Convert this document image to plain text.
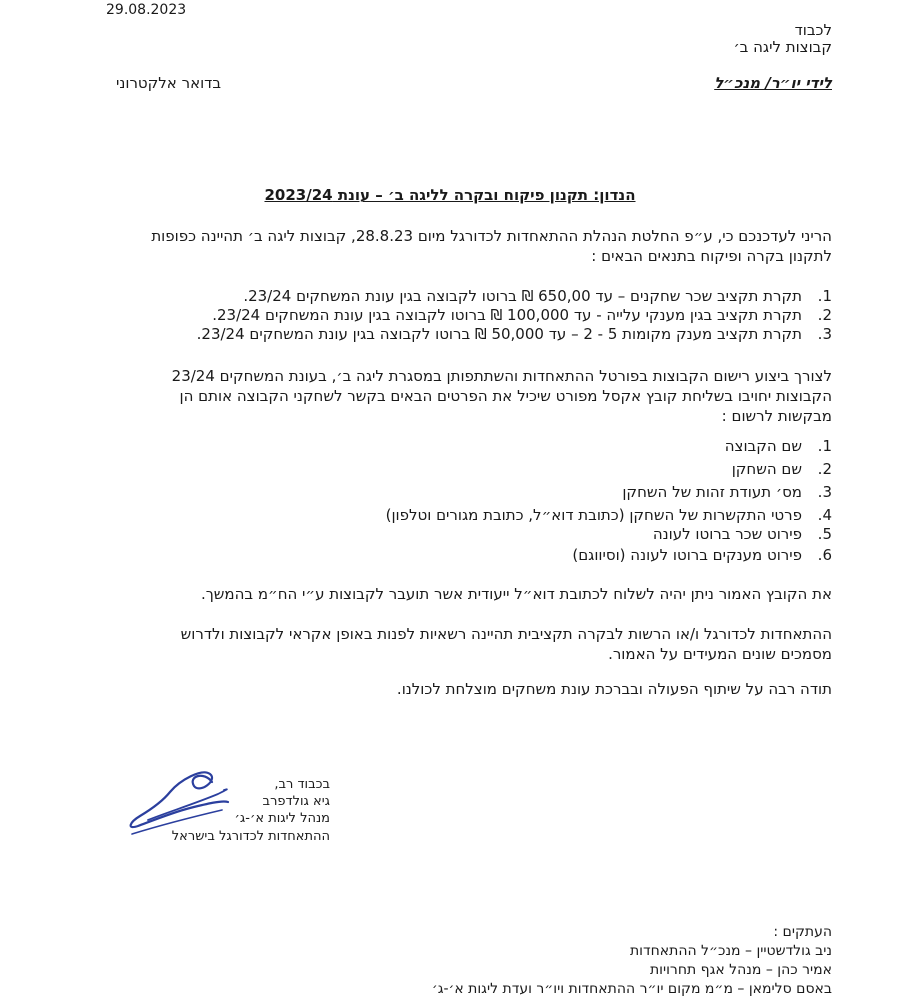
29.08.2023
לכבוד
קבוצות ליגה ב׳
לידי יו״ר/ מנכ״ל
בדואר אלקטרוני
הנדון: תקנון פיקוח ובקרה לליגה ב׳ – עונת 2023/24
הריני לעדכנכם כי, ע״פ החלטת הנהלת ההתאחדות לכדורגל מיום 28.8.23, קבוצות ליגה ב׳ תהיינה כפופות
לתקנון בקרה ופיקוח בתנאים הבאים :
1.
תקרת תקציב שכר שחקנים – עד 650,00 ₪ ברוטו לקבוצה בגין עונת המשחקים 23/24.
2.
תקרת תקציב בגין מענקי עלייה - עד 100,000 ₪ ברוטו לקבוצה בגין עונת המשחקים 23/24.
3.
תקרת תקציב מענק מקומות 5 - 2 – עד 50,000 ₪ ברוטו לקבוצה בגין עונת המשחקים 23/24.
לצורך ביצוע רישום הקבוצות בפורטל ההתאחדות והשתתפותן במסגרת ליגה ב׳, בעונת המשחקים 23/24
הקבוצות יחויבו בשליחת קובץ אקסל מפורט שיכיל את הפרטים הבאים בקשר לשחקני הקבוצה אותם הן
מבקשות לרשום :
1.
שם הקבוצה
2.
שם השחקן
3.
מס׳ תעודת זהות של השחקן
4.
פרטי התקשרות של השחקן (כתובת דוא״ל, כתובת מגורים וטלפון)
5.
פירוט שכר ברוטו לעונה
6.
פירוט מענקים ברוטו לעונה (וסיווגם)
את הקובץ האמור ניתן יהיה לשלוח לכתובת דוא״ל ייעודית אשר תועבר לקבוצות ע״י הח״מ בהמשך.
ההתאחדות לכדורגל ו/או הרשות לבקרה תקציבית תהיינה רשאיות לפנות באופן אקראי לקבוצות ולדרוש
מסמכים שונים המעידים על האמור.
תודה רבה על שיתוף הפעולה ובברכת עונת משחקים מוצלחת לכולנו.
בכבוד רב,
גיא גולדפרב
מנהל ליגות א׳-ג׳
ההתאחדות לכדורגל בישראל
העתקים :
ניב גולדשטיין – מנכ״ל ההתאחדות
אמיר כהן – מנהל אגף תחרויות
באסם סלימאן – מ״מ מקום יו״ר ההתאחדות ויו״ר ועדת ליגות א׳-ג׳
